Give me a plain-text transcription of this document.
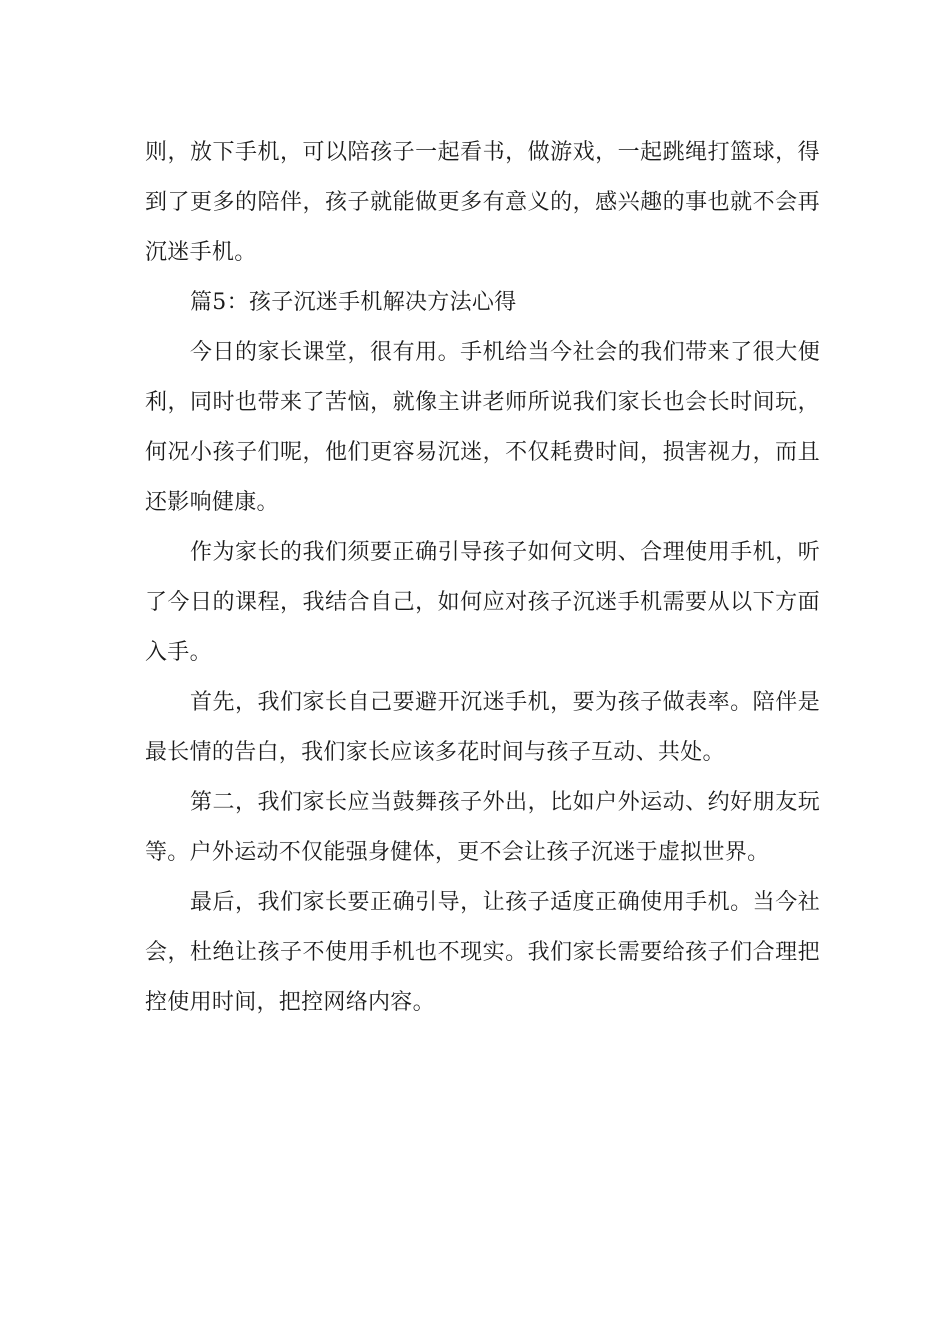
则，放下手机，可以陪孩子一起看书，做游戏，一起跳绳打篮球，得到了更多的陪伴，孩子就能做更多有意义的，感兴趣的事也就不会再沉迷手机。

篇5：孩子沉迷手机解决方法心得

今日的家长课堂，很有用。手机给当今社会的我们带来了很大便利，同时也带来了苦恼，就像主讲老师所说我们家长也会长时间玩，何况小孩子们呢，他们更容易沉迷，不仅耗费时间，损害视力，而且还影响健康。

作为家长的我们须要正确引导孩子如何文明、合理使用手机，听了今日的课程，我结合自己，如何应对孩子沉迷手机需要从以下方面入手。

首先，我们家长自己要避开沉迷手机，要为孩子做表率。陪伴是最长情的告白，我们家长应该多花时间与孩子互动、共处。

第二，我们家长应当鼓舞孩子外出，比如户外运动、约好朋友玩等。户外运动不仅能强身健体，更不会让孩子沉迷于虚拟世界。

最后，我们家长要正确引导，让孩子适度正确使用手机。当今社会，杜绝让孩子不使用手机也不现实。我们家长需要给孩子们合理把控使用时间，把控网络内容。
